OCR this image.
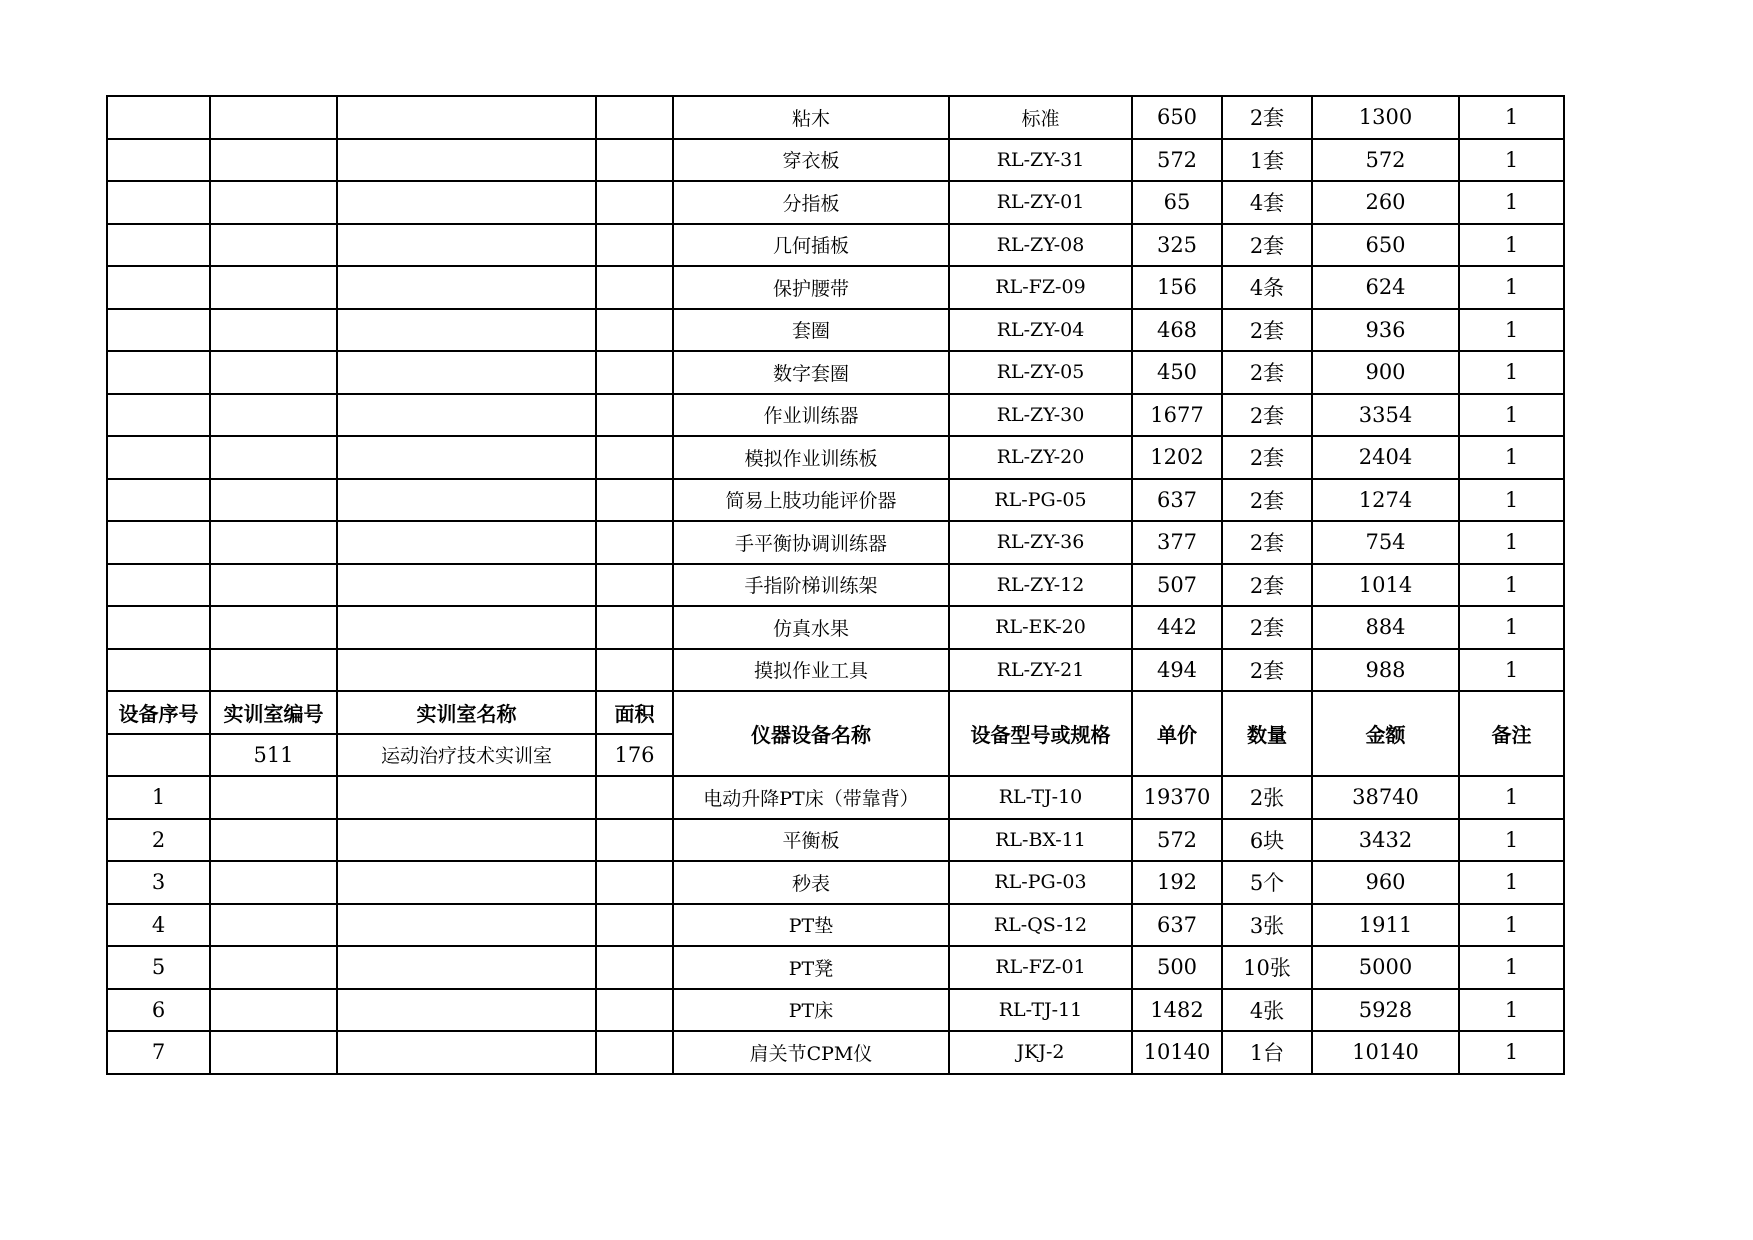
				粘木	标准	650	2套	1300	1
				穿衣板	RL-ZY-31	572	1套	572	1
				分指板	RL-ZY-01	65	4套	260	1
				几何插板	RL-ZY-08	325	2套	650	1
				保护腰带	RL-FZ-09	156	4条	624	1
				套圈	RL-ZY-04	468	2套	936	1
				数字套圈	RL-ZY-05	450	2套	900	1
				作业训练器	RL-ZY-30	1677	2套	3354	1
				模拟作业训练板	RL-ZY-20	1202	2套	2404	1
				简易上肢功能评价器	RL-PG-05	637	2套	1274	1
				手平衡协调训练器	RL-ZY-36	377	2套	754	1
				手指阶梯训练架	RL-ZY-12	507	2套	1014	1
				仿真水果	RL-EK-20	442	2套	884	1
				摸拟作业工具	RL-ZY-21	494	2套	988	1
设备序号	实训室编号	实训室名称	面积	仪器设备名称	设备型号或规格	单价	数量	金额	备注
	511	运动治疗技术实训室	176						
1				电动升降PT床（带靠背）	RL-TJ-10	19370	2张	38740	1
2				平衡板	RL-BX-11	572	6块	3432	1
3				秒表	RL-PG-03	192	5个	960	1
4				PT垫	RL-QS-12	637	3张	1911	1
5				PT凳	RL-FZ-01	500	10张	5000	1
6				PT床	RL-TJ-11	1482	4张	5928	1
7				肩关节CPM仪	JKJ-2	10140	1台	10140	1
